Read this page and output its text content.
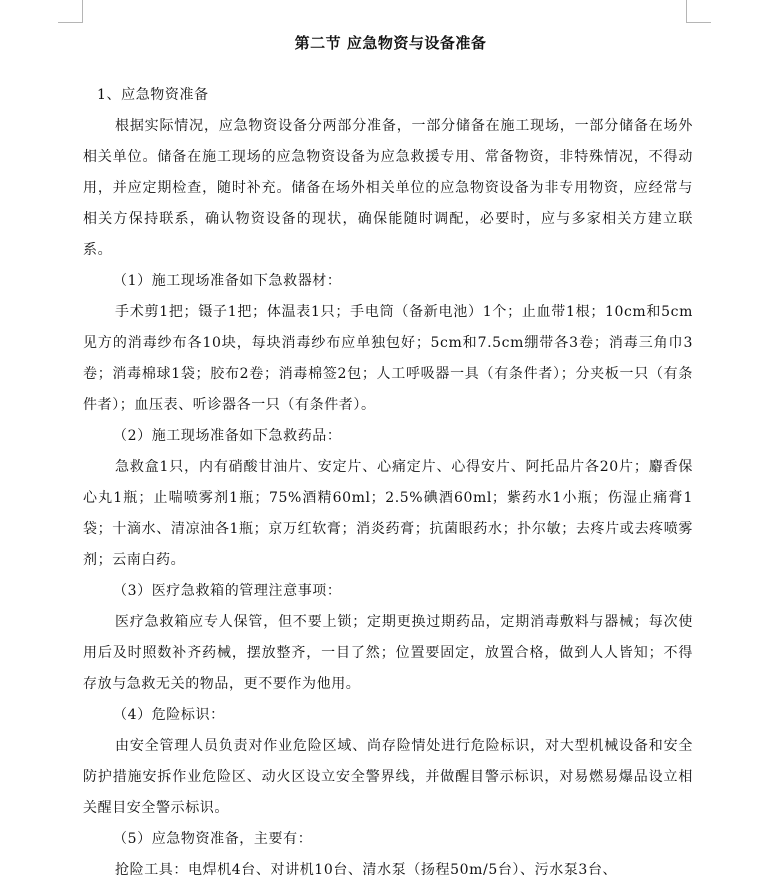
第二节 应急物资与设备准备

1、应急物资准备

根据实际情况，应急物资设备分两部分准备，一部分储备在施工现场，一部分储备在场外相关单位。储备在施工现场的应急物资设备为应急救援专用、常备物资，非特殊情况，不得动用，并应定期检查，随时补充。储备在场外相关单位的应急物资设备为非专用物资，应经常与相关方保持联系，确认物资设备的现状，确保能随时调配，必要时，应与多家相关方建立联系。

（1）施工现场准备如下急救器材：

手术剪1把；镊子1把；体温表1只；手电筒（备新电池）1个；止血带1根；10cm和5cm见方的消毒纱布各10块，每块消毒纱布应单独包好；5cm和7.5cm绷带各3卷；消毒三角巾3卷；消毒棉球1袋；胶布2卷；消毒棉签2包；人工呼吸器一具（有条件者）；分夹板一只（有条件者）；血压表、听诊器各一只（有条件者）。

（2）施工现场准备如下急救药品：

急救盒1只，内有硝酸甘油片、安定片、心痛定片、心得安片、阿托品片各20片；麝香保心丸1瓶；止喘喷雾剂1瓶；75%酒精60ml；2.5%碘酒60ml；紫药水1小瓶；伤湿止痛膏1袋；十滴水、清凉油各1瓶；京万红软膏；消炎药膏；抗菌眼药水；扑尔敏；去疼片或去疼喷雾剂；云南白药。

（3）医疗急救箱的管理注意事项：

医疗急救箱应专人保管，但不要上锁；定期更换过期药品，定期消毒敷料与器械；每次使用后及时照数补齐药械，摆放整齐，一目了然；位置要固定，放置合格，做到人人皆知；不得存放与急救无关的物品，更不要作为他用。

（4）危险标识：

由安全管理人员负责对作业危险区域、尚存险情处进行危险标识，对大型机械设备和安全防护措施安拆作业危险区、动火区设立安全警界线，并做醒目警示标识，对易燃易爆品设立相关醒目安全警示标识。

（5）应急物资准备，主要有：

抢险工具：电焊机4台、对讲机10台、清水泵（扬程50m/5台）、污水泵3台、
